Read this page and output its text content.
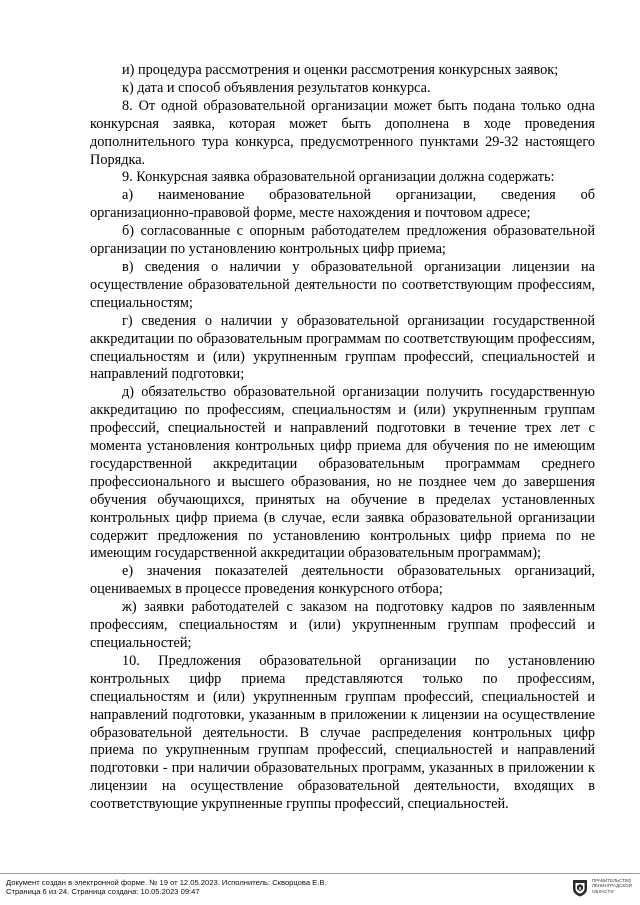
и) процедура рассмотрения и оценки рассмотрения конкурсных заявок;

к) дата и способ объявления результатов конкурса.

8. От одной образовательной организации может быть подана только одна конкурсная заявка, которая может быть дополнена в ходе проведения дополнительного тура конкурса, предусмотренного пунктами 29-32 настоящего Порядка.

9. Конкурсная заявка образовательной организации должна содержать:

а) наименование образовательной организации, сведения об организационно-правовой форме, месте нахождения и почтовом адресе;

б) согласованные с опорным работодателем предложения образовательной организации по установлению контрольных цифр приема;

в) сведения о наличии у образовательной организации лицензии на осуществление образовательной деятельности по соответствующим профессиям, специальностям;

г) сведения о наличии у образовательной организации государственной аккредитации по образовательным программам по соответствующим профессиям, специальностям и (или) укрупненным группам профессий, специальностей и направлений подготовки;

д) обязательство образовательной организации получить государственную аккредитацию по профессиям, специальностям и (или) укрупненным группам профессий, специальностей и направлений подготовки в течение трех лет с момента установления контрольных цифр приема для обучения по не имеющим государственной аккредитации образовательным программам среднего профессионального и высшего образования, но не позднее чем до завершения обучения обучающихся, принятых на обучение в пределах установленных контрольных цифр приема (в случае, если заявка образовательной организации содержит предложения по установлению контрольных цифр приема по не имеющим государственной аккредитации образовательным программам);

е) значения показателей деятельности образовательных организаций, оцениваемых в процессе проведения конкурсного отбора;

ж) заявки работодателей с заказом на подготовку кадров по заявленным профессиям, специальностям и (или) укрупненным группам профессий и специальностей;

10. Предложения образовательной организации по установлению контрольных цифр приема представляются только по профессиям, специальностям и (или) укрупненным группам профессий, специальностей и направлений подготовки, указанным в приложении к лицензии на осуществление образовательной деятельности. В случае распределения контрольных цифр приема по укрупненным группам профессий, специальностей и направлений подготовки - при наличии образовательных программ, указанных в приложении к лицензии на осуществление образовательной деятельности, входящих в соответствующие укрупненные группы профессий, специальностей.

Документ создан в электронной форме. № 19 от 12.05.2023. Исполнитель: Скворцова Е.В.
Страница 6 из 24. Страница создана: 10.05.2023 09:47
ПРАВИТЕЛЬСТВО
ЛЕНИНГРАДСКОЙ
ОБЛАСТИ
